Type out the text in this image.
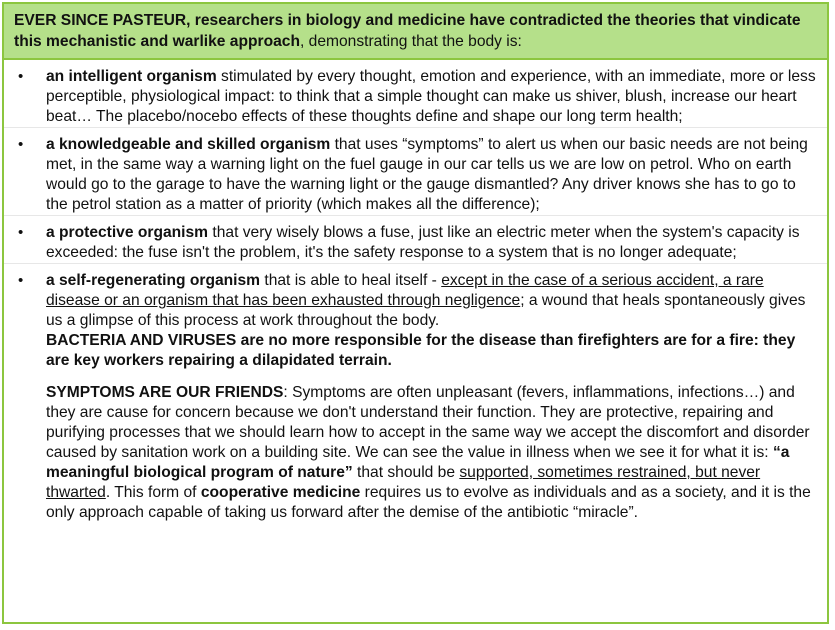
EVER SINCE PASTEUR, researchers in biology and medicine have contradicted the theories that vindicate this mechanistic and warlike approach, demonstrating that the body is:
• an intelligent organism stimulated by every thought, emotion and experience, with an immediate, more or less perceptible, physiological impact: to think that a simple thought can make us shiver, blush, increase our heart beat… The placebo/nocebo effects of these thoughts define and shape our long term health;
• a knowledgeable and skilled organism that uses “symptoms” to alert us when our basic needs are not being met, in the same way a warning light on the fuel gauge in our car tells us we are low on petrol. Who on earth would go to the garage to have the warning light or the gauge dismantled? Any driver knows she has to go to the petrol station as a matter of priority (which makes all the difference);
• a protective organism that very wisely blows a fuse, just like an electric meter when the system's capacity is exceeded: the fuse isn't the problem, it's the safety response to a system that is no longer adequate;
• a self-regenerating organism that is able to heal itself - except in the case of a serious accident, a rare disease or an organism that has been exhausted through negligence; a wound that heals spontaneously gives us a glimpse of this process at work throughout the body.
BACTERIA AND VIRUSES are no more responsible for the disease than firefighters are for a fire: they are key workers repairing a dilapidated terrain.
SYMPTOMS ARE OUR FRIENDS: Symptoms are often unpleasant (fevers, inflammations, infections…) and they are cause for concern because we don't understand their function. They are protective, repairing and purifying processes that we should learn how to accept in the same way we accept the discomfort and disorder caused by sanitation work on a building site. We can see the value in illness when we see it for what it is: “a meaningful biological program of nature” that should be supported, sometimes restrained, but never thwarted. This form of cooperative medicine requires us to evolve as individuals and as a society, and it is the only approach capable of taking us forward after the demise of the antibiotic “miracle”.
